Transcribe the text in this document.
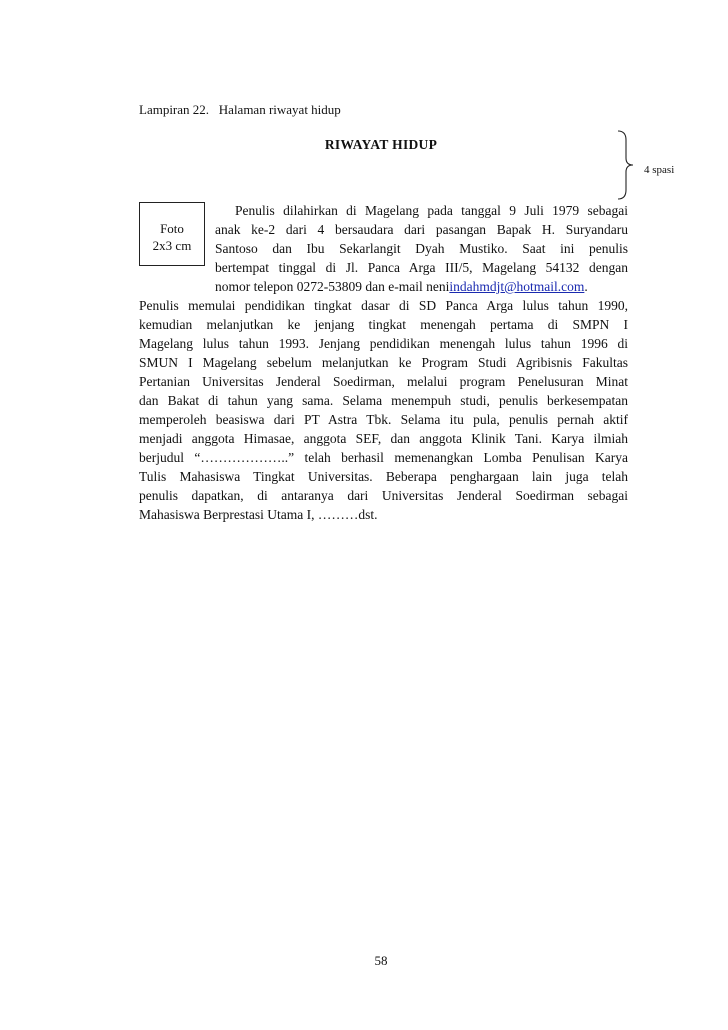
Lampiran 22.   Halaman riwayat hidup
RIWAYAT HIDUP
4 spasi
Foto
2x3 cm
Penulis dilahirkan di Magelang pada tanggal 9 Juli 1979 sebagai
anak ke-2 dari 4 bersaudara dari pasangan Bapak H. Suryandaru
Santoso dan Ibu Sekarlangit Dyah Mustiko. Saat ini penulis
bertempat tinggal di Jl. Panca Arga III/5, Magelang 54132 dengan
nomor telepon 0272-53809 dan e-mail neniindahmdjt@hotmail.com.
Penulis memulai pendidikan tingkat dasar di SD Panca Arga lulus tahun 1990,
kemudian melanjutkan ke jenjang tingkat menengah pertama di SMPN I
Magelang lulus tahun 1993. Jenjang pendidikan menengah lulus tahun 1996 di
SMUN I Magelang sebelum melanjutkan ke Program Studi Agribisnis Fakultas
Pertanian Universitas Jenderal Soedirman, melalui program Penelusuran Minat
dan Bakat di tahun yang sama. Selama menempuh studi, penulis berkesempatan
memperoleh beasiswa dari PT Astra Tbk. Selama itu pula, penulis pernah aktif
menjadi anggota Himasae, anggota SEF, dan anggota Klinik Tani. Karya ilmiah
berjudul “………………..” telah berhasil memenangkan Lomba Penulisan Karya
Tulis Mahasiswa Tingkat Universitas. Beberapa penghargaan lain juga telah
penulis dapatkan, di antaranya dari Universitas Jenderal Soedirman sebagai
Mahasiswa Berprestasi Utama I, ………dst.
58
